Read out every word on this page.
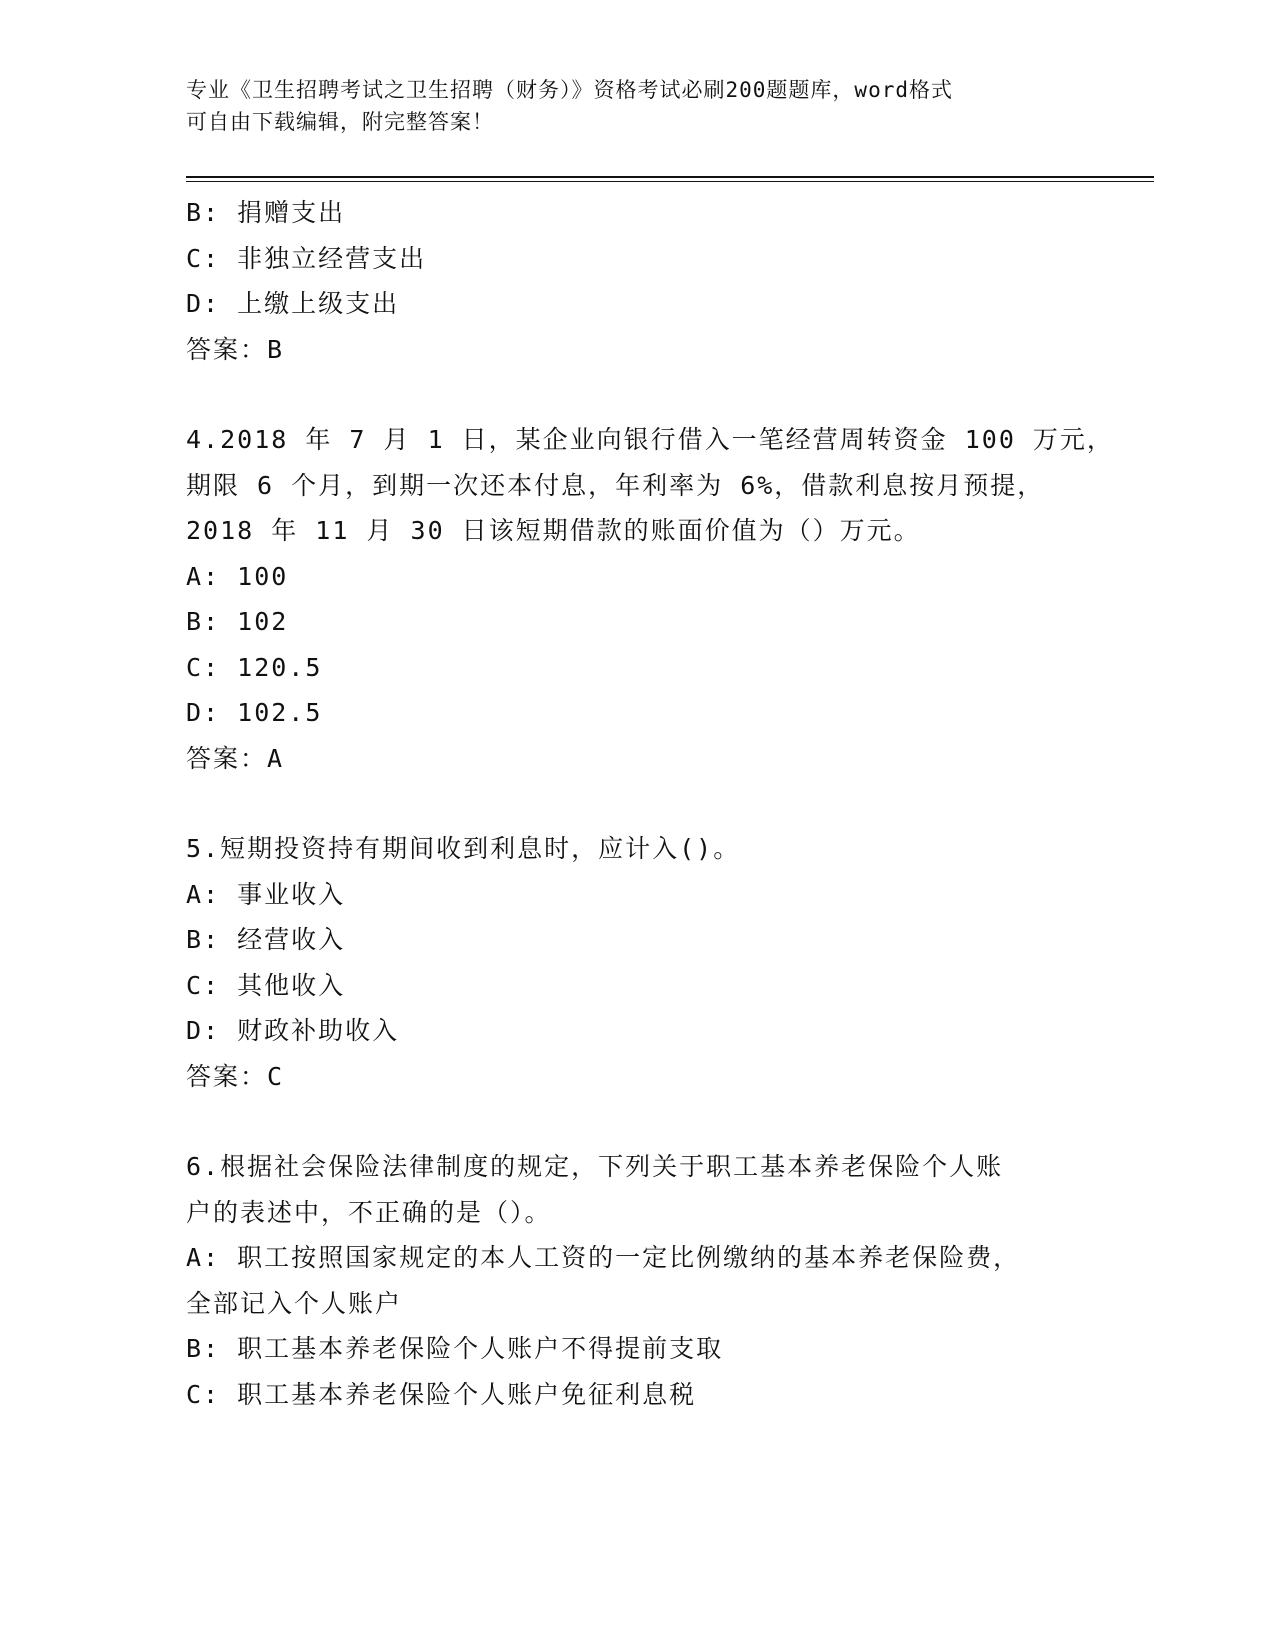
专业《卫生招聘考试之卫生招聘（财务）》资格考试必刷200题题库，word格式
可自由下载编辑，附完整答案！

B: 捐赠支出

C: 非独立经营支出

D: 上缴上级支出

答案：B

4.2018 年 7 月 1 日，某企业向银行借入一笔经营周转资金 100 万元，

期限 6 个月，到期一次还本付息，年利率为 6%，借款利息按月预提，

2018 年 11 月 30 日该短期借款的账面价值为（）万元。

A: 100

B: 102

C: 120.5

D: 102.5

答案：A

5.短期投资持有期间收到利息时，应计入()。

A: 事业收入

B: 经营收入

C: 其他收入

D: 财政补助收入

答案：C

6.根据社会保险法律制度的规定，下列关于职工基本养老保险个人账

户的表述中，不正确的是（）。

A: 职工按照国家规定的本人工资的一定比例缴纳的基本养老保险费，

全部记入个人账户

B: 职工基本养老保险个人账户不得提前支取

C: 职工基本养老保险个人账户免征利息税
